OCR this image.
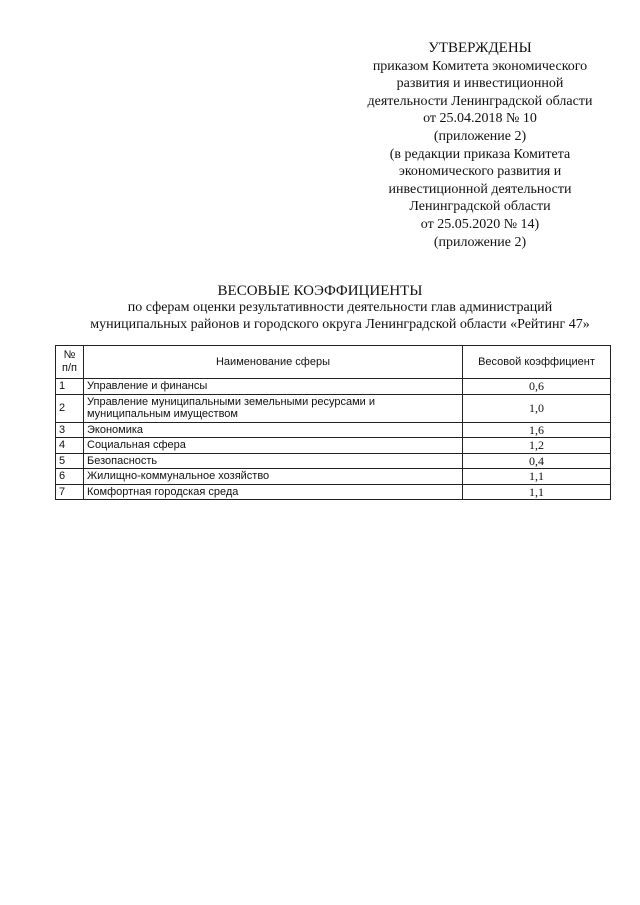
УТВЕРЖДЕНЫ
приказом Комитета экономического
развития и инвестиционной
деятельности Ленинградской области
от 25.04.2018 № 10
(приложение 2)
(в редакции приказа Комитета
экономического развития и
инвестиционной деятельности
Ленинградской области
от 25.05.2020 № 14)
(приложение 2)
ВЕСОВЫЕ КОЭФФИЦИЕНТЫ
по сферам оценки результативности деятельности глав администраций
муниципальных районов и городского округа Ленинградской области «Рейтинг 47»
№
п/п	Наименование сферы	Весовой коэффициент
1	Управление и финансы	0,6
2	Управление муниципальными земельными ресурсами и муниципальным имуществом	1,0
3	Экономика	1,6
4	Социальная сфера	1,2
5	Безопасность	0,4
6	Жилищно-коммунальное хозяйство	1,1
7	Комфортная городская среда	1,1
